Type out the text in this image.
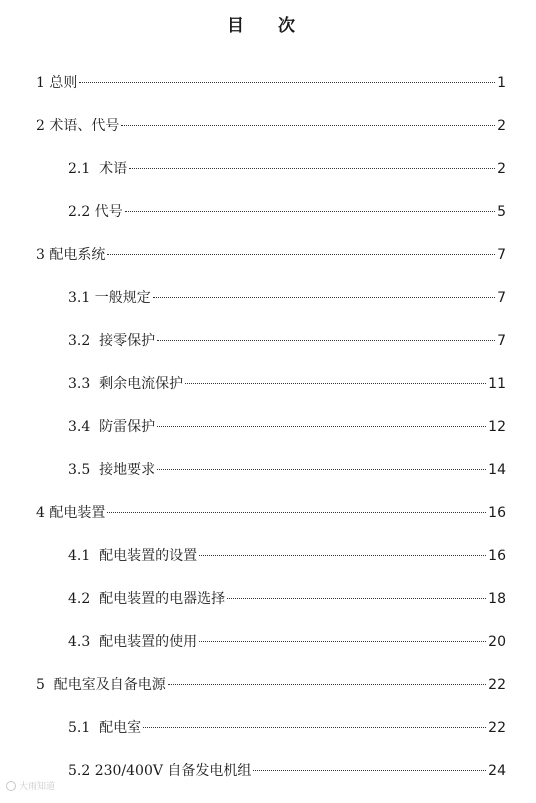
目 次
1 总则	1
2 术语、代号	2
2.1  术语	2
2.2 代号	5
3 配电系统	7
3.1 一般规定	7
3.2  接零保护	7
3.3  剩余电流保护	11
3.4  防雷保护	12
3.5  接地要求	14
4 配电装置	16
4.1  配电装置的设置	16
4.2  配电装置的电器选择	18
4.3  配电装置的使用	20
5  配电室及自备电源	22
5.1  配电室	22
5.2 230/400V 自备发电机组	24
大雨知道
